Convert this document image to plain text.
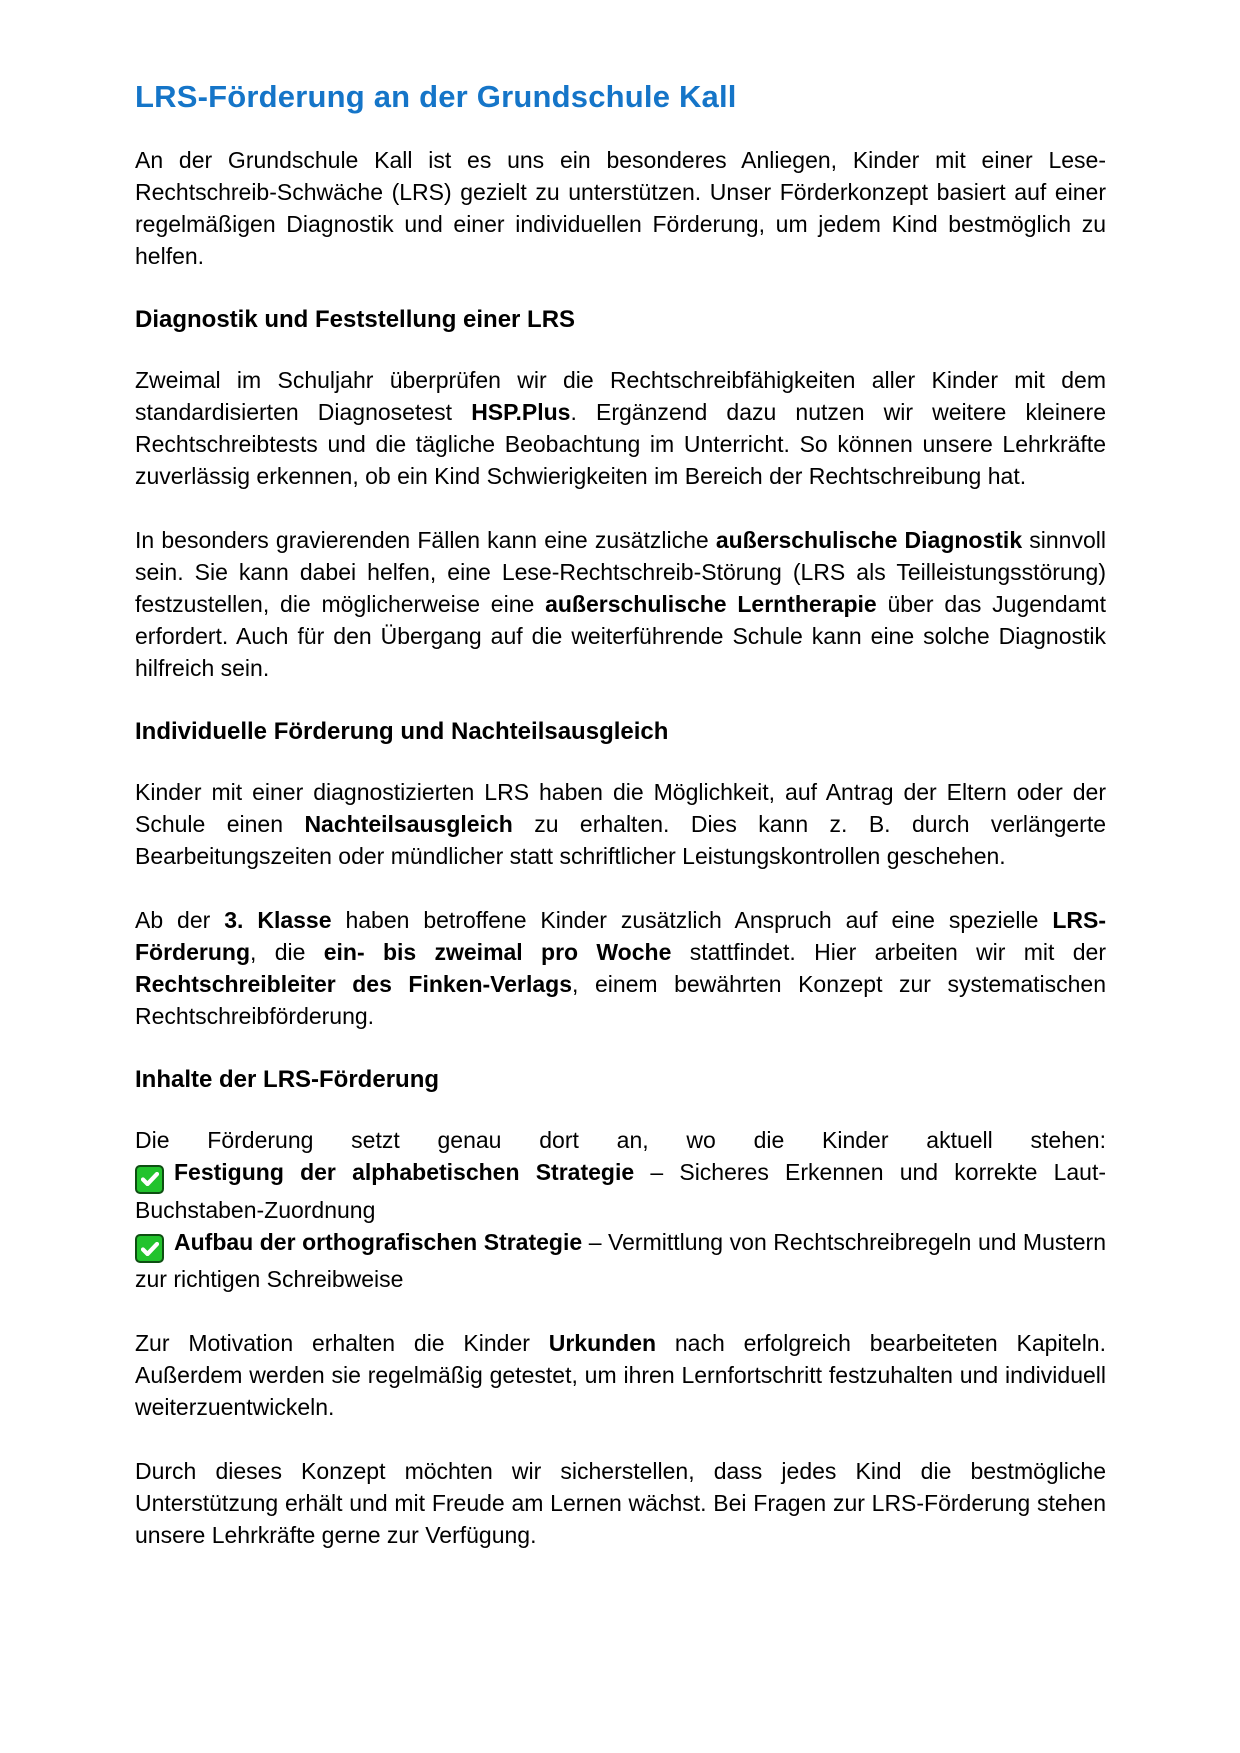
LRS-Förderung an der Grundschule Kall

An der Grundschule Kall ist es uns ein besonderes Anliegen, Kinder mit einer Lese-Rechtschreib-Schwäche (LRS) gezielt zu unterstützen. Unser Förderkonzept basiert auf einer regelmäßigen Diagnostik und einer individuellen Förderung, um jedem Kind bestmöglich zu helfen.

Diagnostik und Feststellung einer LRS

Zweimal im Schuljahr überprüfen wir die Rechtschreibfähigkeiten aller Kinder mit dem standardisierten Diagnosetest HSP.Plus. Ergänzend dazu nutzen wir weitere kleinere Rechtschreibtests und die tägliche Beobachtung im Unterricht. So können unsere Lehrkräfte zuverlässig erkennen, ob ein Kind Schwierigkeiten im Bereich der Rechtschreibung hat.

In besonders gravierenden Fällen kann eine zusätzliche außerschulische Diagnostik sinnvoll sein. Sie kann dabei helfen, eine Lese-Rechtschreib-Störung (LRS als Teilleistungsstörung) festzustellen, die möglicherweise eine außerschulische Lerntherapie über das Jugendamt erfordert. Auch für den Übergang auf die weiterführende Schule kann eine solche Diagnostik hilfreich sein.

Individuelle Förderung und Nachteilsausgleich

Kinder mit einer diagnostizierten LRS haben die Möglichkeit, auf Antrag der Eltern oder der Schule einen Nachteilsausgleich zu erhalten. Dies kann z. B. durch verlängerte Bearbeitungszeiten oder mündlicher statt schriftlicher Leistungskontrollen geschehen.

Ab der 3. Klasse haben betroffene Kinder zusätzlich Anspruch auf eine spezielle LRS-Förderung, die ein- bis zweimal pro Woche stattfindet. Hier arbeiten wir mit der Rechtschreibleiter des Finken-Verlags, einem bewährten Konzept zur systematischen Rechtschreibförderung.

Inhalte der LRS-Förderung
Die Förderung setzt genau dort an, wo die Kinder aktuell stehen:
Festigung der alphabetischen Strategie – Sicheres Erkennen und korrekte Laut-Buchstaben-Zuordnung
Aufbau der orthografischen Strategie – Vermittlung von Rechtschreibregeln und Mustern zur richtigen Schreibweise

Zur Motivation erhalten die Kinder Urkunden nach erfolgreich bearbeiteten Kapiteln. Außerdem werden sie regelmäßig getestet, um ihren Lernfortschritt festzuhalten und individuell weiterzuentwickeln.

Durch dieses Konzept möchten wir sicherstellen, dass jedes Kind die bestmögliche Unterstützung erhält und mit Freude am Lernen wächst. Bei Fragen zur LRS-Förderung stehen unsere Lehrkräfte gerne zur Verfügung.
